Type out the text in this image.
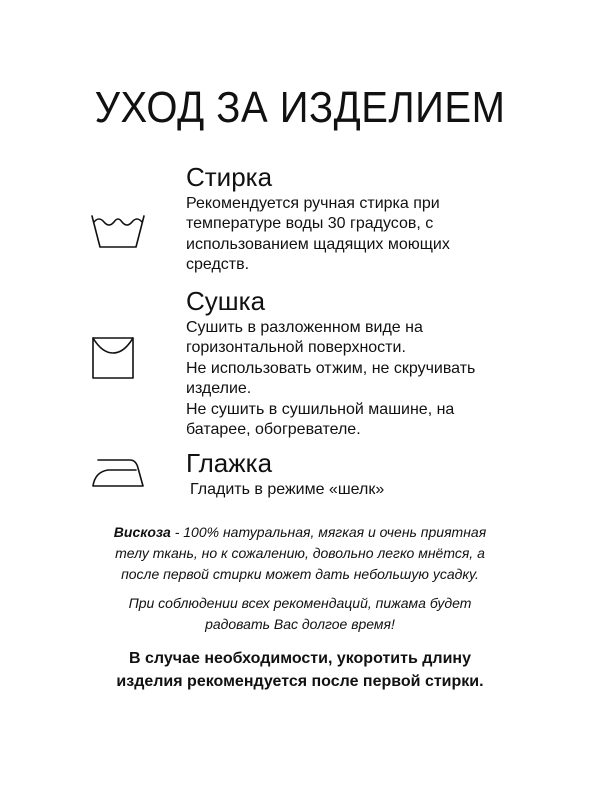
УХОД ЗА ИЗДЕЛИЕМ
Стирка
Рекомендуется ручная стирка при
температуре воды 30 градусов, с
использованием щадящих моющих
средств.
Сушка
Сушить в разложенном виде на
горизонтальной поверхности.
Не использовать отжим, не скручивать
изделие.
Не сушить в сушильной машине, на
батарее, обогревателе.
Глажка
Гладить в режиме «шелк»
Вискоза - 100% натуральная, мягкая и очень приятная
телу ткань, но к сожалению, довольно легко мнётся, а
после первой стирки может дать небольшую усадку.
При соблюдении всех рекомендаций, пижама будет
радовать Вас долгое время!
В случае необходимости, укоротить длину
изделия рекомендуется после первой стирки.
